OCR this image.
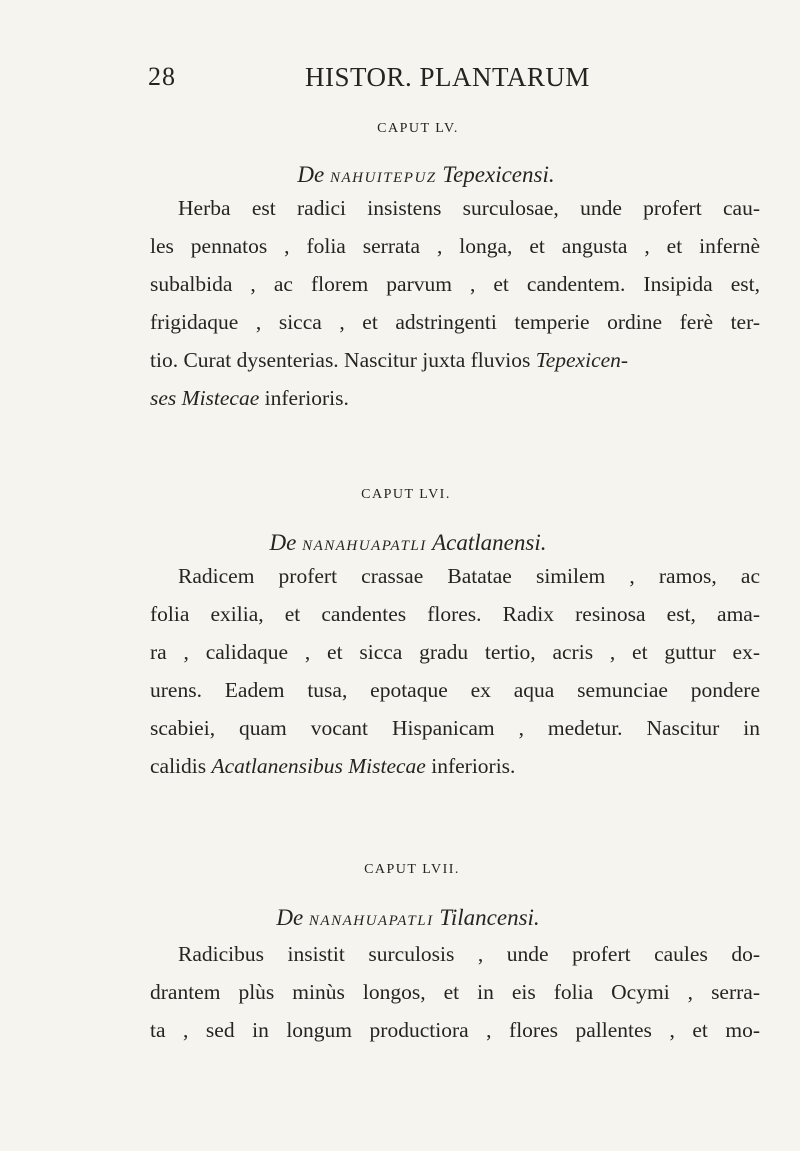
28	HISTOR. PLANTARUM
CAPUT LV.
De NAHUITEPUZ Tepexicensi.
Herba est radici insistens surculosae, unde profert cau-
les pennatos , folia serrata , longa, et angusta , et infernè
subalbida , ac florem parvum , et candentem. Insipida est,
frigidaque , sicca , et adstringenti temperie ordine ferè ter-
tio. Curat dysenterias. Nascitur juxta fluvios Tepexicen-
ses Mistecae inferioris.
CAPUT LVI.
De NANAHUAPATLI Acatlanensi.
Radicem profert crassae Batatae similem , ramos, ac
folia exilia, et candentes flores. Radix resinosa est, ama-
ra , calidaque , et sicca gradu tertio, acris , et guttur ex-
urens. Eadem tusa, epotaque ex aqua semunciae pondere
scabiei, quam vocant Hispanicam , medetur. Nascitur in
calidis Acatlanensibus Mistecae inferioris.
CAPUT LVII.
De NANAHUAPATLI Tilancensi.
Radicibus insistit surculosis , unde profert caules do-
drantem plùs minùs longos, et in eis folia Ocymi , serra-
ta , sed in longum productiora , flores pallentes , et mo-
